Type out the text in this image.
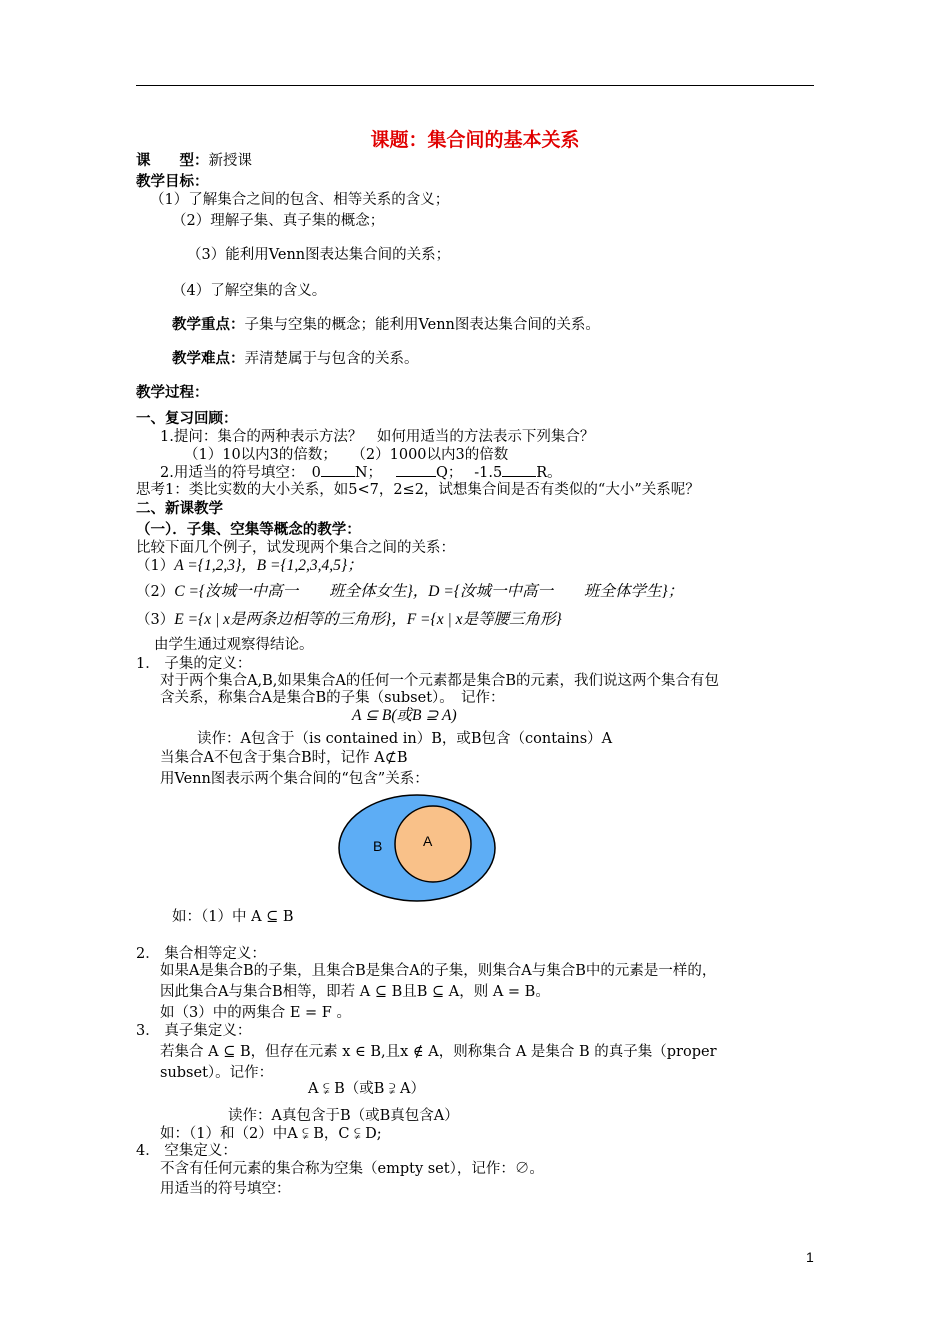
课题：集合间的基本关系
课　　型：新授课
教学目标：
（1）了解集合之间的包含、相等关系的含义；
（2）理解子集、真子集的概念；
（3）能利用Venn图表达集合间的关系；
（4）了解空集的含义。
教学重点：子集与空集的概念；能利用Venn图表达集合间的关系。
教学难点：弄清楚属于与包含的关系。
教学过程：
一、复习回顾：
1.提问：集合的两种表示方法？　如何用适当的方法表示下列集合？
（1）10以内3的倍数；　　（2）1000以内3的倍数
2.用适当的符号填空：　0 N；	Q；　 -1.5 R。
思考1：类比实数的大小关系，如5<7，2≤2，试想集合间是否有类似的“大小”关系呢？
二、新课教学
（一）．子集、空集等概念的教学：
比较下面几个例子，试发现两个集合之间的关系：
（1）A ={1,2,3}，B ={1,2,3,4,5}；
（2）C ={汝城一中高一　　班全体女生}，D ={汝城一中高一　　班全体学生}；
（3）E ={x | x是两条边相等的三角形}，F ={x | x是等腰三角形}
由学生通过观察得结论。
1． 子集的定义：
对于两个集合A,B,如果集合A的任何一个元素都是集合B的元素，我们说这两个集合有包
含关系，称集合A是集合B的子集（subset）。　记作：
A ⊆ B(或B ⊇ A)
读作：A包含于（is contained in）B，或B包含（contains）A
当集合A不包含于集合B时，记作 A⊄B
用Venn图表示两个集合间的“包含”关系：
B	A
如：（1）中 A ⊆ B
2． 集合相等定义：
如果A是集合B的子集，且集合B是集合A的子集，则集合A与集合B中的元素是一样的，
因此集合A与集合B相等，即若 A ⊆ B且B ⊆ A，则 A = B。
如（3）中的两集合 E = F 。
3． 真子集定义：
若集合 A ⊆ B，但存在元素 x ∈ B,且x ∉ A，则称集合 A 是集合 B 的真子集（proper
subset）。记作：
A ⫋ B（或B ⫌ A）
读作：A真包含于B（或B真包含A）
如：（1）和（2）中A ⫋ B，C ⫋ D;
4． 空集定义：
不含有任何元素的集合称为空集（empty set），记作：∅。
用适当的符号填空：
1
